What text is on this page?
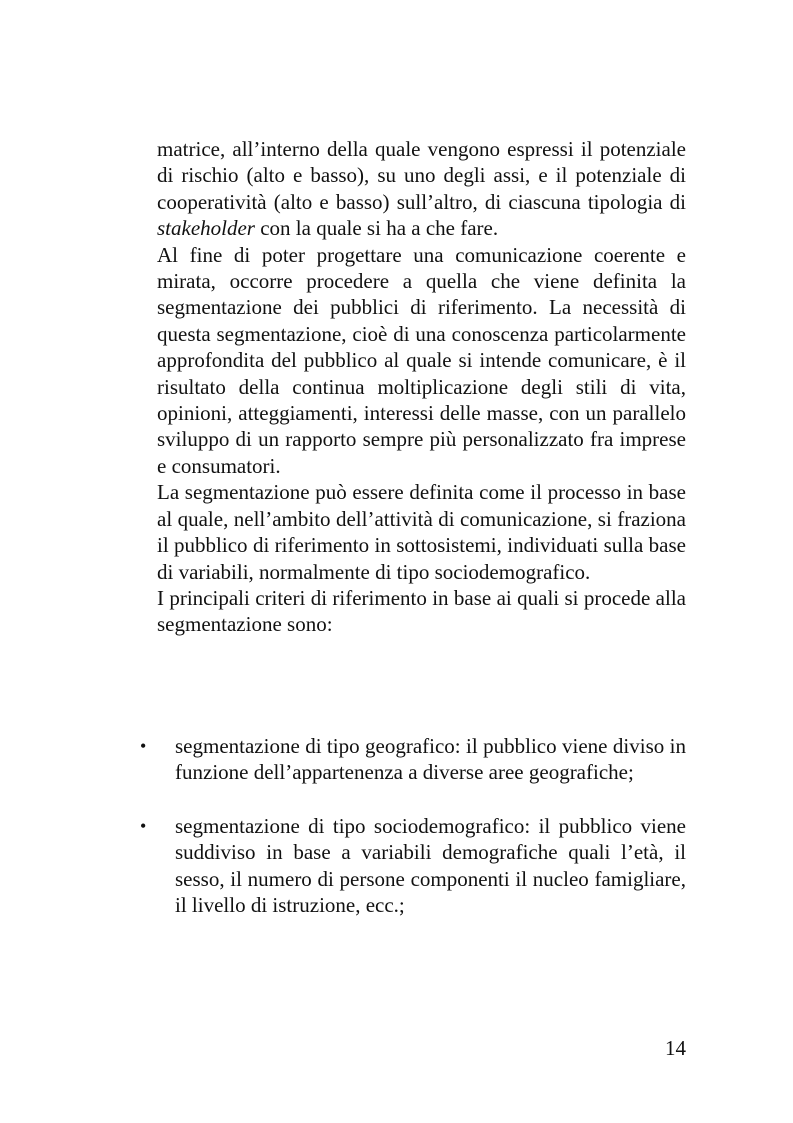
matrice, all’interno della quale vengono espressi il potenziale di rischio (alto e basso), su uno degli assi, e il potenziale di cooperatività (alto e basso) sull’altro, di ciascuna tipologia di stakeholder con la quale si ha a che fare.

Al fine di poter progettare una comunicazione coerente e mirata, occorre procedere a quella che viene definita la segmentazione dei pubblici di riferimento. La necessità di questa segmentazione, cioè di una conoscenza particolarmente approfondita del pubblico al quale si intende comunicare, è il risultato della continua moltiplicazione degli stili di vita, opinioni, atteggiamenti, interessi delle masse, con un parallelo sviluppo di un rapporto sempre più personalizzato fra imprese e consumatori.

La segmentazione può essere definita come il processo in base al quale, nell’ambito dell’attività di comunicazione, si fraziona il pubblico di riferimento in sottosistemi, individuati sulla base di variabili, normalmente di tipo sociodemografico.

I principali criteri di riferimento in base ai quali si procede alla segmentazione sono:

•	segmentazione di tipo geografico: il pubblico viene diviso in funzione dell’appartenenza a diverse aree geografiche;
•	segmentazione di tipo sociodemografico: il pubblico viene suddiviso in base a variabili demografiche quali l’età, il sesso, il numero di persone componenti il nucleo famigliare, il livello di istruzione, ecc.;
14
